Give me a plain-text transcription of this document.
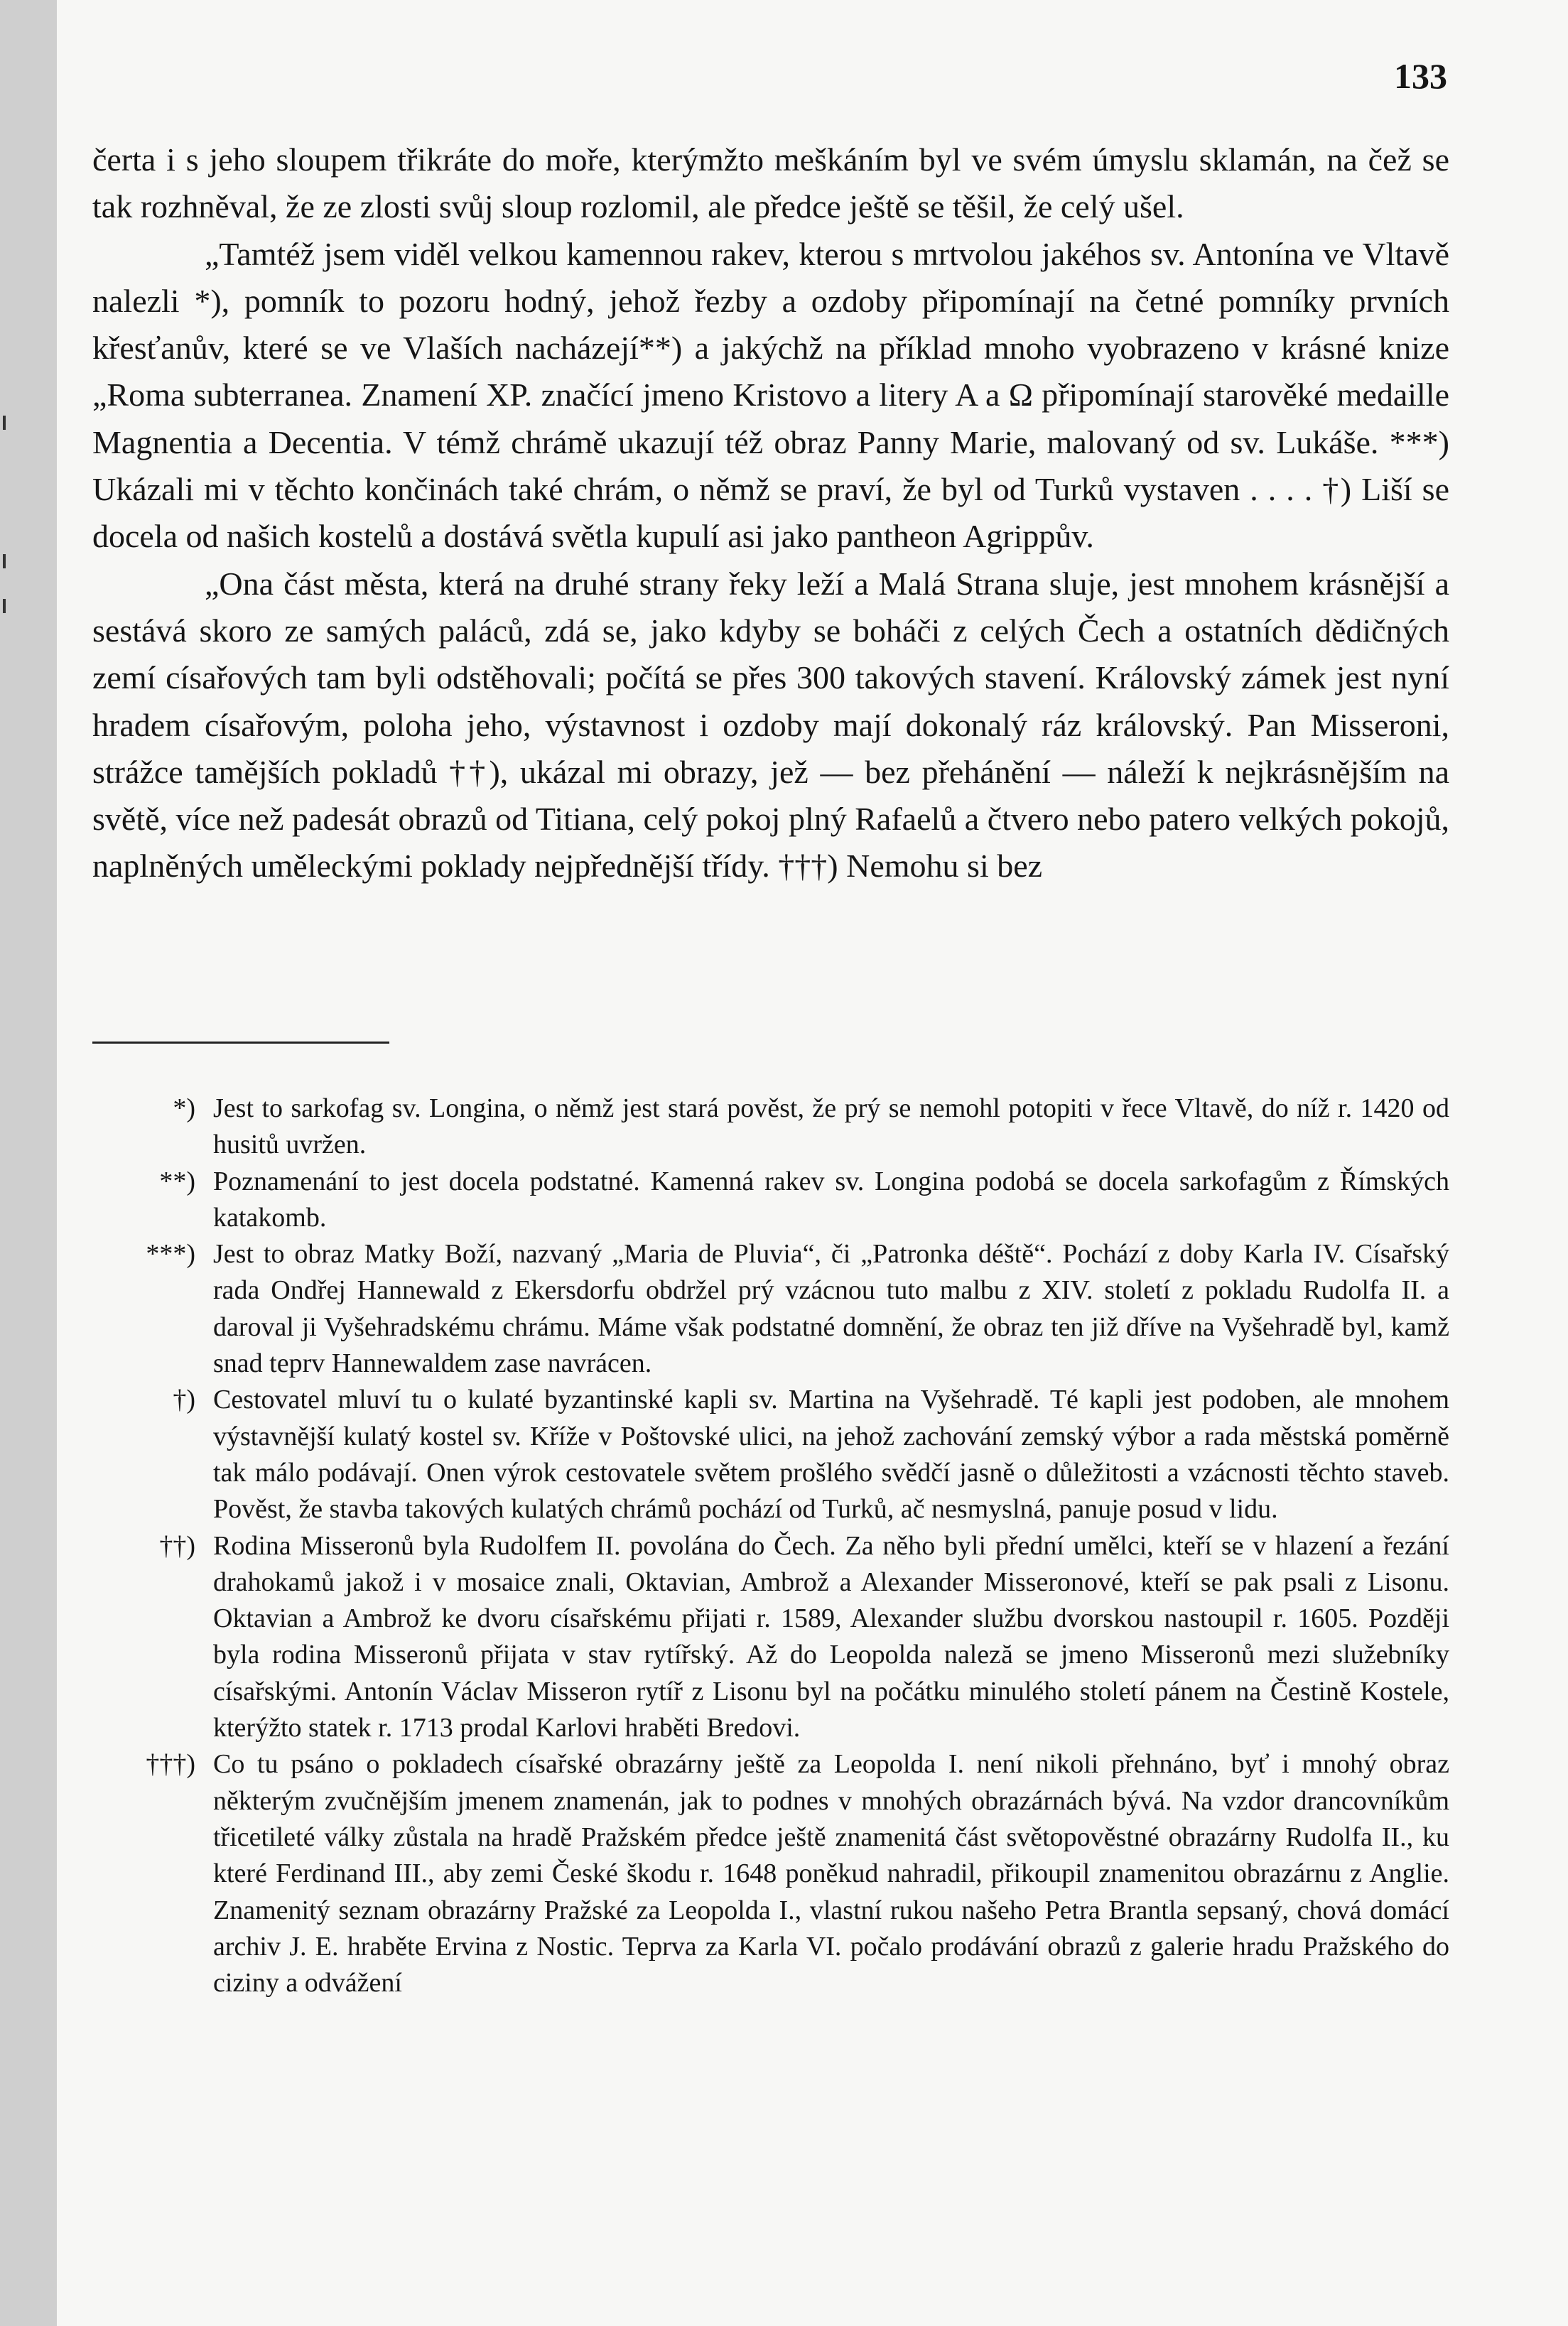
133

čerta i s jeho sloupem třikráte do moře, kterýmžto meškáním byl ve svém úmyslu sklamán, na čež se tak rozhněval, že ze zlosti svůj sloup rozlomil, ale předce ještě se těšil, že celý ušel.

„Tamtéž jsem viděl velkou kamennou rakev, kterou s mrtvolou jakéhos sv. Antonína ve Vltavě nalezli *), pomník to pozoru hodný, jehož řezby a ozdoby připomínají na četné pomníky prvních křesťanův, které se ve Vlaších nacházejí**) a jakýchž na příklad mnoho vyobrazeno v krásné knize „Roma subterranea. Znamení XP. značící jmeno Kristovo a litery A a Ω připomínají starověké medaille Magnentia a Decentia. V témž chrámě ukazují též obraz Panny Marie, malovaný od sv. Lukáše. ***) Ukázali mi v těchto končinách také chrám, o němž se praví, že byl od Turků vystaven . . . . †) Liší se docela od našich kostelů a dostává světla kupulí asi jako pantheon Agrippův.

„Ona část města, která na druhé strany řeky leží a Malá Strana sluje, jest mnohem krásnější a sestává skoro ze samých paláců, zdá se, jako kdyby se boháči z celých Čech a ostatních dědičných zemí císařových tam byli odstěhovali; počítá se přes 300 takových stavení. Královský zámek jest nyní hradem císařovým, poloha jeho, výstavnost i ozdoby mají dokonalý ráz královský. Pan Misseroni, strážce tamějších pokladů ††), ukázal mi obrazy, jež — bez přehánění — náleží k nejkrásnějším na světě, více než padesát obrazů od Titiana, celý pokoj plný Rafaelů a čtvero nebo patero velkých pokojů, naplněných uměleckými poklady nejpřednější třídy. †††) Nemohu si bez

*) Jest to sarkofag sv. Longina, o němž jest stará pověst, že prý se nemohl potopiti v řece Vltavě, do níž r. 1420 od husitů uvržen.
**) Poznamenání to jest docela podstatné. Kamenná rakev sv. Longina podobá se docela sarkofagům z Římských katakomb.
***) Jest to obraz Matky Boží, nazvaný „Maria de Pluvia“, či „Patronka déště“. Pochází z doby Karla IV. Císařský rada Ondřej Hannewald z Ekersdorfu obdržel prý vzácnou tuto malbu z XIV. století z pokladu Rudolfa II. a daroval ji Vyšehradskému chrámu. Máme však podstatné domnění, že obraz ten již dříve na Vyšehradě byl, kamž snad teprv Hannewaldem zase navrácen.
†) Cestovatel mluví tu o kulaté byzantinské kapli sv. Martina na Vyšehradě. Té kapli jest podoben, ale mnohem výstavnější kulatý kostel sv. Kříže v Poštovské ulici, na jehož zachování zemský výbor a rada městská poměrně tak málo podávají. Onen výrok cestovatele světem prošlého svědčí jasně o důležitosti a vzácnosti těchto staveb. Pověst, že stavba takových kulatých chrámů pochází od Turků, ač nesmyslná, panuje posud v lidu.
††) Rodina Misseronů byla Rudolfem II. povolána do Čech. Za něho byli přední umělci, kteří se v hlazení a řezání drahokamů jakož i v mosaice znali, Oktavian, Ambrož a Alexander Misseronové, kteří se pak psali z Lisonu. Oktavian a Ambrož ke dvoru císařskému přijati r. 1589, Alexander službu dvorskou nastoupil r. 1605. Později byla rodina Misseronů přijata v stav rytířský. Až do Leopolda naleză se jmeno Misseronů mezi služebníky císařskými. Antonín Václav Misseron rytíř z Lisonu byl na počátku minulého století pánem na Čestině Kostele, kterýžto statek r. 1713 prodal Karlovi hraběti Bredovi.
†††) Co tu psáno o pokladech císařské obrazárny ještě za Leopolda I. není nikoli přehnáno, byť i mnohý obraz některým zvučnějším jmenem znamenán, jak to podnes v mnohých obrazárnách bývá. Na vzdor drancovníkům třicetileté války zůstala na hradě Pražském předce ještě znamenitá část světopověstné obrazárny Rudolfa II., ku které Ferdinand III., aby zemi České škodu r. 1648 poněkud nahradil, přikoupil znamenitou obrazárnu z Anglie. Znamenitý seznam obrazárny Pražské za Leopolda I., vlastní rukou našeho Petra Brantla sepsaný, chová domácí archiv J. E. hraběte Ervina z Nostic. Teprva za Karla VI. počalo prodávání obrazů z galerie hradu Pražského do ciziny a odvážení
